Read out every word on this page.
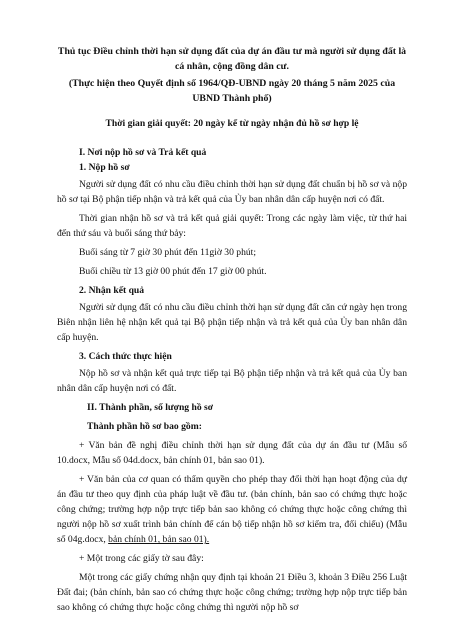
Thủ tục Điều chỉnh thời hạn sử dụng đất của dự án đầu tư mà người sử dụng đất là cá nhân, cộng đồng dân cư.

(Thực hiện theo Quyết định số 1964/QĐ-UBND ngày 20 tháng 5 năm 2025 của UBND Thành phố)

Thời gian giải quyết: 20 ngày kể từ ngày nhận đủ hồ sơ hợp lệ

I. Nơi nộp hồ sơ và Trả kết quả

1. Nộp hồ sơ

Người sử dụng đất có nhu cầu điều chỉnh thời hạn sử dụng đất chuẩn bị hồ sơ và nộp hồ sơ tại Bộ phận tiếp nhận và trả kết quả của Ủy ban nhân dân cấp huyện nơi có đất.

Thời gian nhận hồ sơ và trả kết quả giải quyết: Trong các ngày làm việc, từ thứ hai đến thứ sáu và buổi sáng thứ bảy:

Buổi sáng từ 7 giờ 30 phút đến 11giờ 30 phút;

Buổi chiều từ 13 giờ 00 phút đến 17 giờ 00 phút.

2. Nhận kết quả

Người sử dụng đất có nhu cầu điều chỉnh thời hạn sử dụng đất căn cứ ngày hẹn trong Biên nhận liên hệ nhận kết quả tại Bộ phận tiếp nhận và trả kết quả của Ủy ban nhân dân cấp huyện.

3. Cách thức thực hiện

Nộp hồ sơ và nhận kết quả trực tiếp tại Bộ phận tiếp nhận và trả kết quả của Ủy ban nhân dân cấp huyện nơi có đất.

II. Thành phần, số lượng hồ sơ

Thành phần hồ sơ bao gồm:

+ Văn bản đề nghị điều chỉnh thời hạn sử dụng đất của dự án đầu tư (Mẫu số 10.docx, Mẫu số 04d.docx, bản chính 01, bản sao 01).

+ Văn bản của cơ quan có thẩm quyền cho phép thay đổi thời hạn hoạt động của dự án đầu tư theo quy định của pháp luật về đầu tư. (bản chính, bản sao có chứng thực hoặc công chứng; trường hợp nộp trực tiếp bản sao không có chứng thực hoặc công chứng thì người nộp hồ sơ xuất trình bản chính để cán bộ tiếp nhận hồ sơ kiểm tra, đối chiếu) (Mẫu số 04g.docx, bản chính 01, bản sao 01).

+ Một trong các giấy tờ sau đây:

Một trong các giấy chứng nhận quy định tại khoản 21 Điều 3, khoản 3 Điều 256 Luật Đất đai; (bản chính, bản sao có chứng thực hoặc công chứng; trường hợp nộp trực tiếp bản sao không có chứng thực hoặc công chứng thì người nộp hồ sơ
